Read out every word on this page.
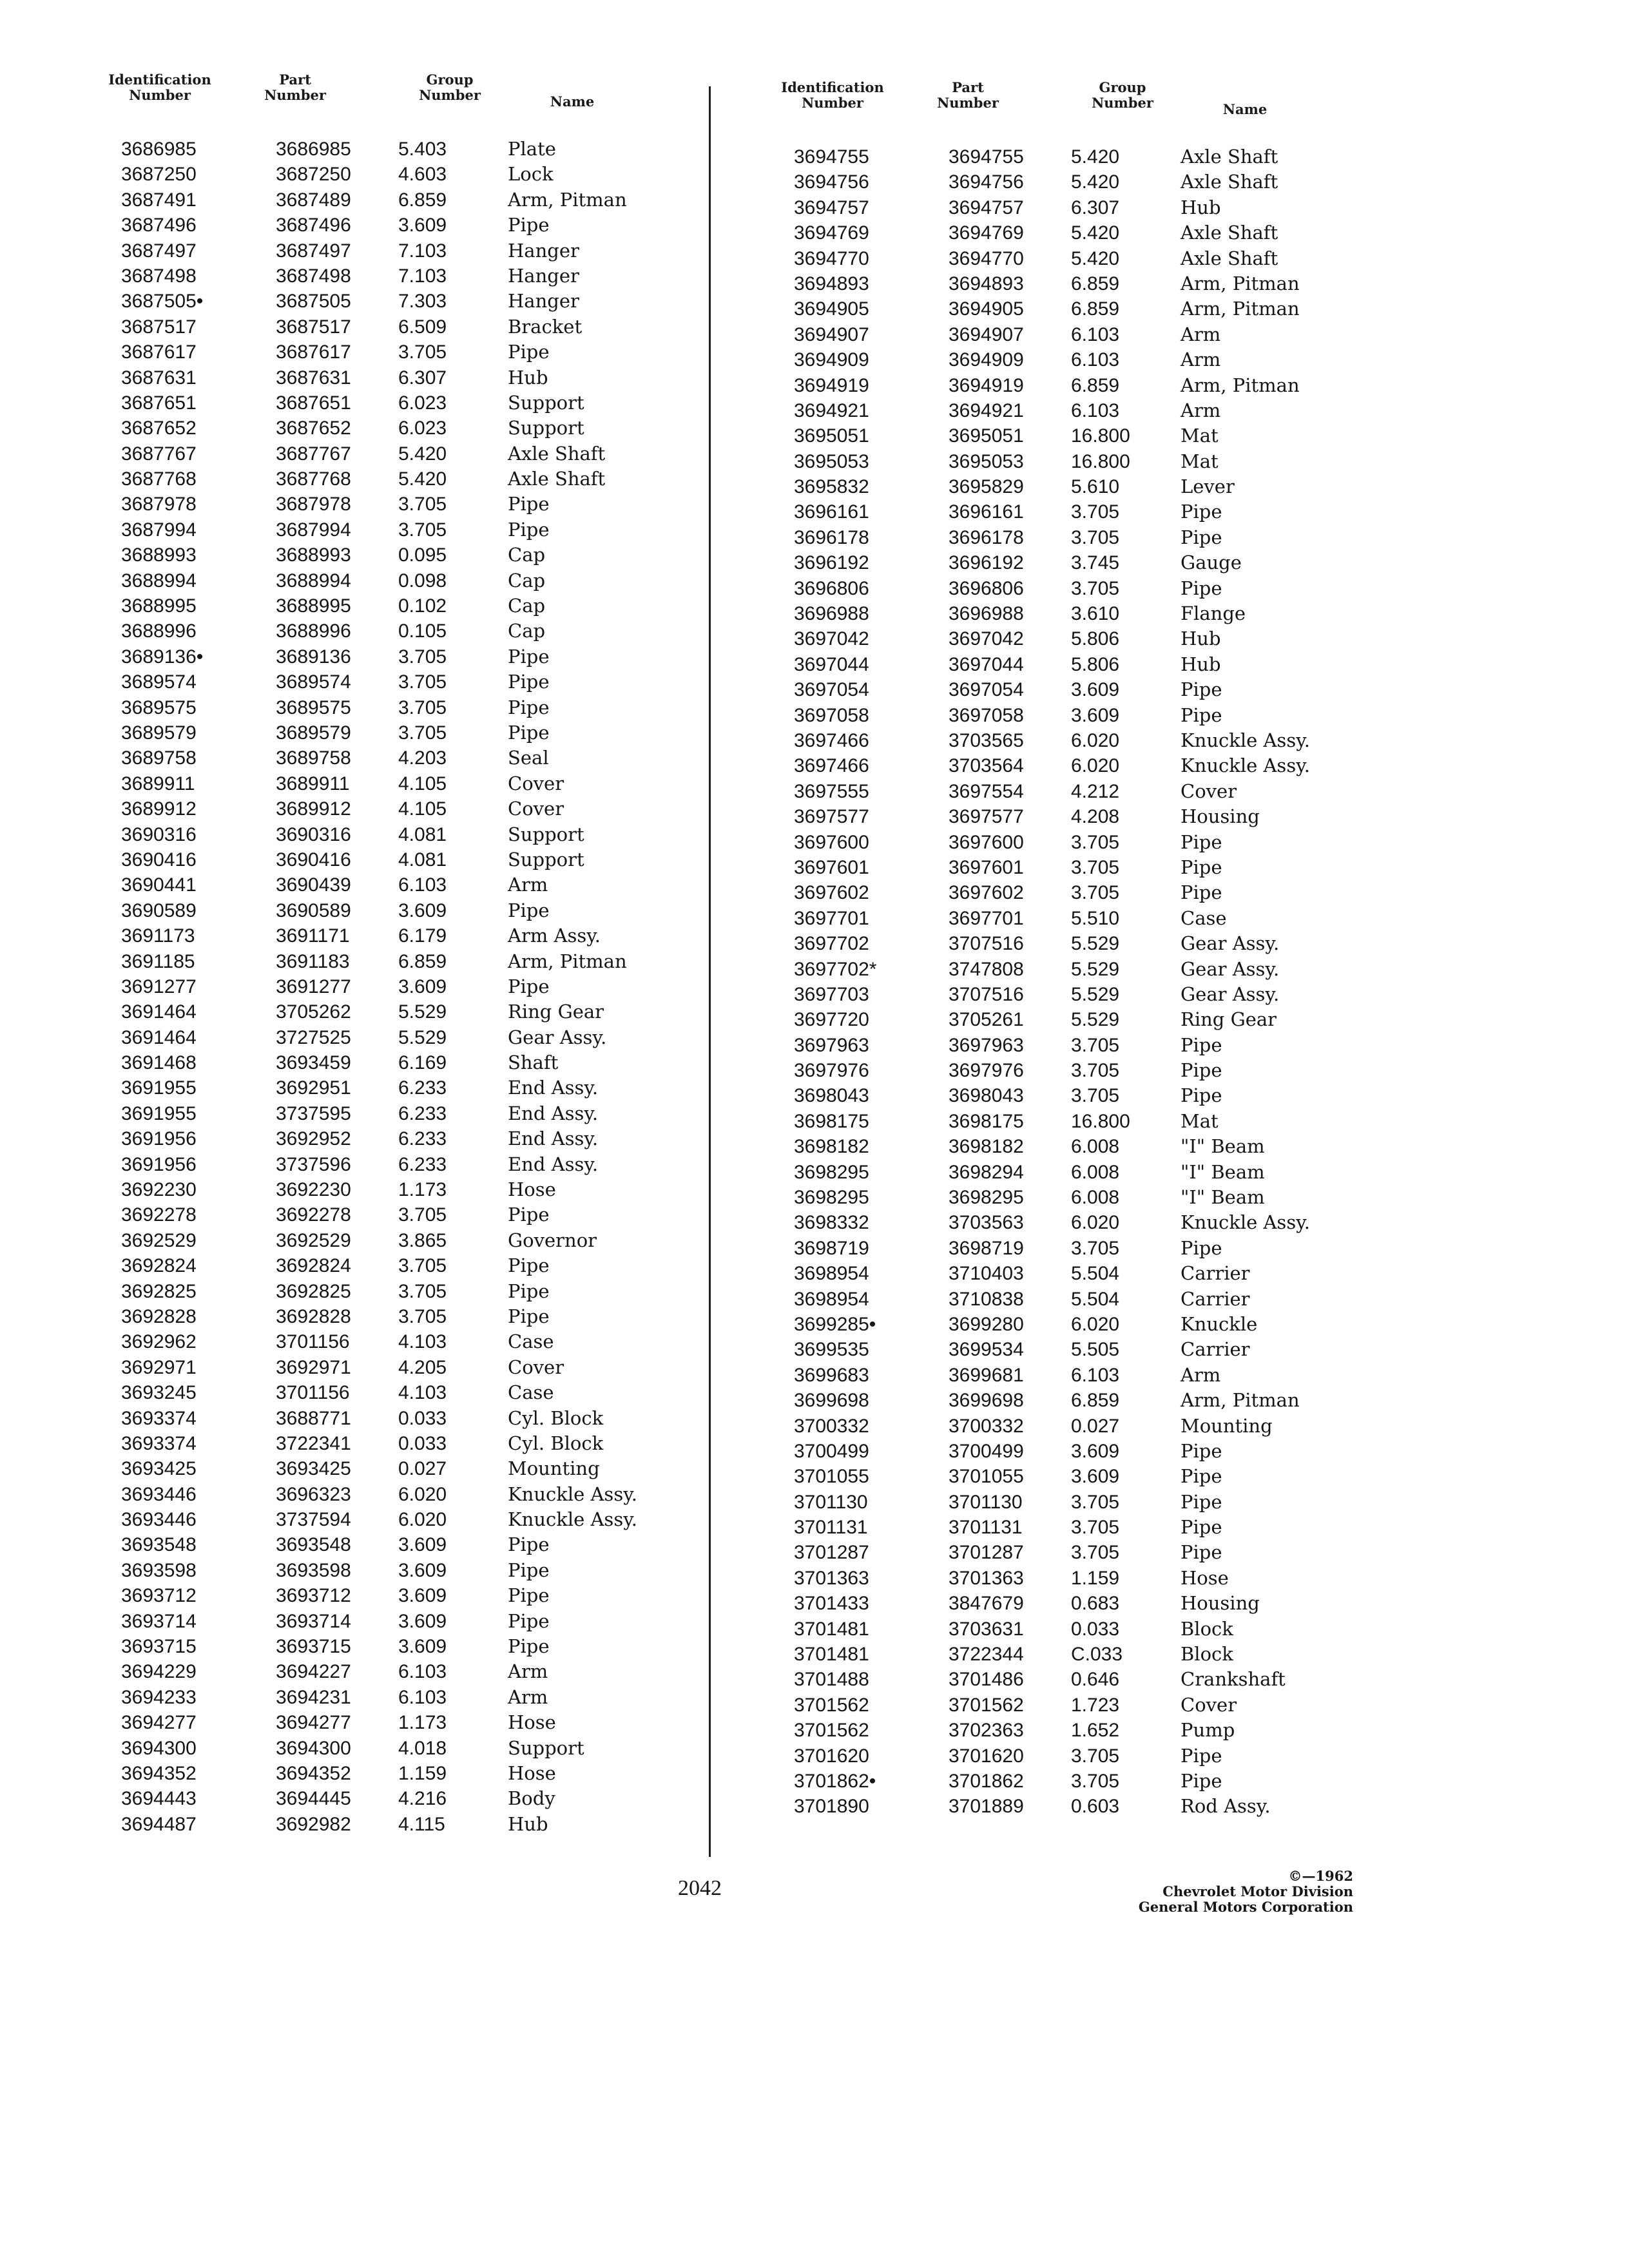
Identification
Number
Part
Number
Group
Number	Name
3686985	3686985 5.403	Plate
3687250	3687250 4.603	Lock
3687491	3687489 6.859	Arm, Pitman
3687496	3687496 3.609	Pipe
3687497	3687497 7.103	Hanger
3687498	3687498 7.103	Hanger
3687505•	3687505 7.303	Hanger
3687517	3687517 6.509	Bracket
3687617	3687617 3.705	Pipe
3687631	3687631 6.307	Hub
3687651	3687651 6.023	Support
3687652	3687652 6.023	Support
3687767	3687767 5.420	Axle Shaft
3687768	3687768 5.420	Axle Shaft
3687978	3687978 3.705	Pipe
3687994	3687994 3.705	Pipe
3688993	3688993 0.095	Cap
3688994	3688994 0.098	Cap
3688995	3688995 0.102	Cap
3688996	3688996 0.105	Cap
3689136•	3689136 3.705	Pipe
3689574	3689574 3.705	Pipe
3689575	3689575 3.705	Pipe
3689579	3689579 3.705	Pipe
3689758	3689758 4.203	Seal
3689911	3689911	4.105	Cover
3689912	3689912 4.105	Cover
3690316	3690316 4.081	Support
3690416	3690416 4.081	Support
3690441	3690439 6.103	Arm
3690589	3690589 3.609	Pipe
3691173	3691171	6.179	Arm Assy.
3691185	3691183	6.859	Arm, Pitman
3691277	3691277 3.609	Pipe
3691464	3705262 5.529	Ring Gear
3691464	3727525 5.529	Gear Assy.
3691468	3693459 6.169	Shaft
3691955	3692951 6.233	End Assy.
3691955	3737595 6.233	End Assy.
3691956	3692952 6.233	End Assy.
3691956	3737596 6.233	End Assy.
3692230	3692230 1.173	Hose
3692278	3692278 3.705	Pipe
3692529	3692529 3.865	Governor
3692824	3692824 3.705	Pipe
3692825	3692825 3.705	Pipe
3692828	3692828 3.705	Pipe
3692962	3701156	4.103	Case
3692971	3692971 4.205	Cover
3693245	3701156	4.103	Case
3693374	3688771 0.033	Cyl. Block
3693374	3722341 0.033	Cyl. Block
3693425	3693425 0.027	Mounting
3693446	3696323 6.020	Knuckle Assy.
3693446	3737594 6.020	Knuckle Assy.
3693548	3693548 3.609	Pipe
3693598	3693598 3.609	Pipe
3693712	3693712 3.609	Pipe
3693714	3693714 3.609	Pipe
3693715	3693715 3.609	Pipe
3694229	3694227 6.103	Arm
3694233	3694231 6.103	Arm
3694277	3694277 1.173	Hose
3694300	3694300 4.018	Support
3694352	3694352 1.159	Hose
3694443	3694445 4.216	Body
3694487	3692982 4.115	Hub
Identification
Number
Part
Number
Group
Number	Name
3694755	3694755 5.420	Axle Shaft
3694756	3694756 5.420	Axle Shaft
3694757	3694757 6.307	Hub
3694769	3694769 5.420	Axle Shaft
3694770	3694770 5.420	Axle Shaft
3694893	3694893 6.859	Arm, Pitman
3694905	3694905 6.859	Arm, Pitman
3694907	3694907 6.103	Arm
3694909	3694909 6.103	Arm
3694919	3694919 6.859	Arm, Pitman
3694921	3694921 6.103	Arm
3695051	3695051 16.800	Mat
3695053	3695053 16.800	Mat
3695832	3695829 5.610	Lever
3696161	3696161 3.705	Pipe
3696178	3696178 3.705	Pipe
3696192	3696192 3.745	Gauge
3696806	3696806 3.705	Pipe
3696988	3696988 3.610	Flange
3697042	3697042 5.806	Hub
3697044	3697044 5.806	Hub
3697054	3697054 3.609	Pipe
3697058	3697058 3.609	Pipe
3697466	3703565 6.020	Knuckle Assy.
3697466	3703564 6.020	Knuckle Assy.
3697555	3697554 4.212	Cover
3697577	3697577 4.208	Housing
3697600	3697600 3.705	Pipe
3697601	3697601 3.705	Pipe
3697602	3697602 3.705	Pipe
3697701	3697701 5.510	Case
3697702	3707516 5.529	Gear Assy.
3697702*	3747808 5.529	Gear Assy.
3697703	3707516 5.529	Gear Assy.
3697720	3705261 5.529	Ring Gear
3697963	3697963 3.705	Pipe
3697976	3697976 3.705	Pipe
3698043	3698043 3.705	Pipe
3698175	3698175 16.800	Mat
3698182	3698182 6.008	"I" Beam
3698295	3698294 6.008	"I" Beam
3698295	3698295 6.008	"I" Beam
3698332	3703563 6.020	Knuckle Assy.
3698719	3698719 3.705	Pipe
3698954	3710403 5.504	Carrier
3698954	3710838 5.504	Carrier
3699285•	3699280 6.020	Knuckle
3699535	3699534 5.505	Carrier
3699683	3699681 6.103	Arm
3699698	3699698 6.859	Arm, Pitman
3700332	3700332 0.027	Mounting
3700499	3700499 3.609	Pipe
3701055	3701055 3.609	Pipe
3701130	3701130	3.705	Pipe
3701131	3701131	3.705	Pipe
3701287	3701287 3.705	Pipe
3701363	3701363 1.159	Hose
3701433	3847679 0.683	Housing
3701481	3703631 0.033	Block
3701481	3722344 C.033	Block
3701488	3701486 0.646	Crankshaft
3701562	3701562 1.723	Cover
3701562	3702363 1.652	Pump
3701620	3701620 3.705	Pipe
3701862•	3701862 3.705	Pipe
3701890	3701889 0.603	Rod Assy.
2042
©—1962
Chevrolet Motor Division
General Motors Corporation
